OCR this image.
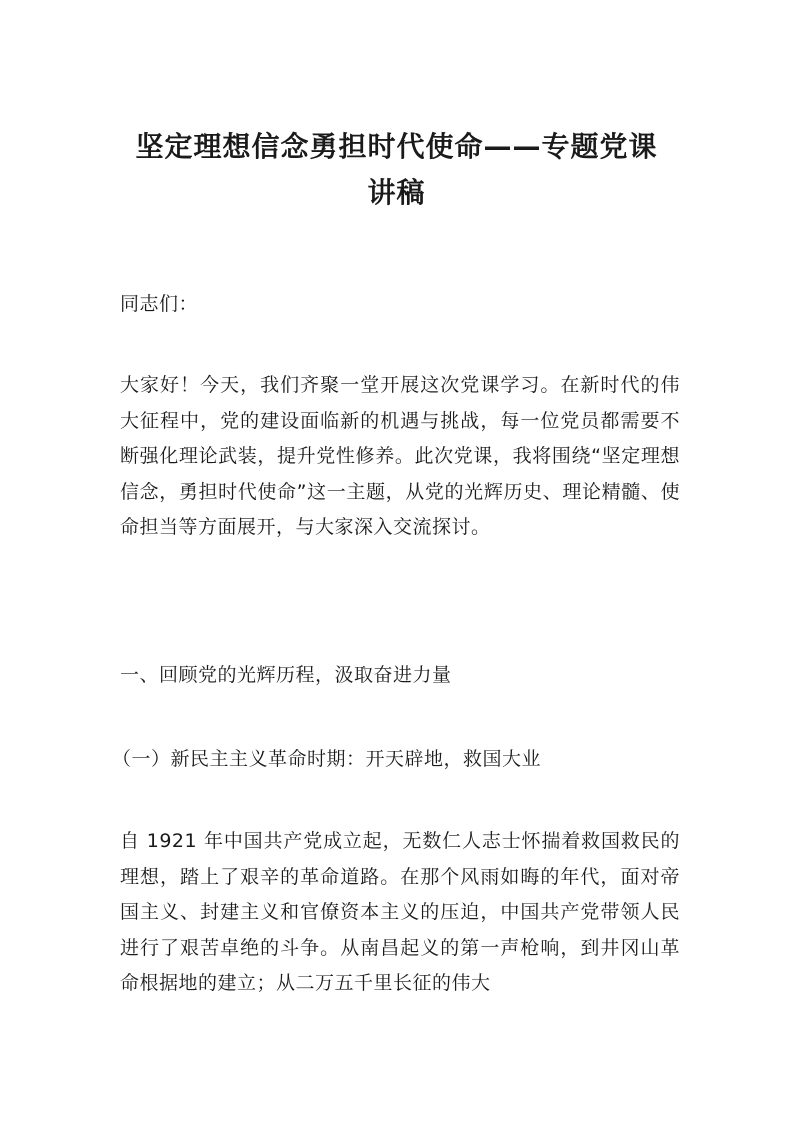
坚定理想信念勇担时代使命——专题党课
讲稿
同志们：
大家好！今天，我们齐聚一堂开展这次党课学习。在新时代的伟大征程中，党的建设面临新的机遇与挑战，每一位党员都需要不断强化理论武装，提升党性修养。此次党课，我将围绕“坚定理想信念，勇担时代使命”这一主题，从党的光辉历史、理论精髓、使命担当等方面展开，与大家深入交流探讨。
一、回顾党的光辉历程，汲取奋进力量
（一）新民主主义革命时期：开天辟地，救国大业
自 1921 年中国共产党成立起，无数仁人志士怀揣着救国救民的理想，踏上了艰辛的革命道路。在那个风雨如晦的年代，面对帝国主义、封建主义和官僚资本主义的压迫，中国共产党带领人民进行了艰苦卓绝的斗争。从南昌起义的第一声枪响，到井冈山革命根据地的建立；从二万五千里长征的伟大
